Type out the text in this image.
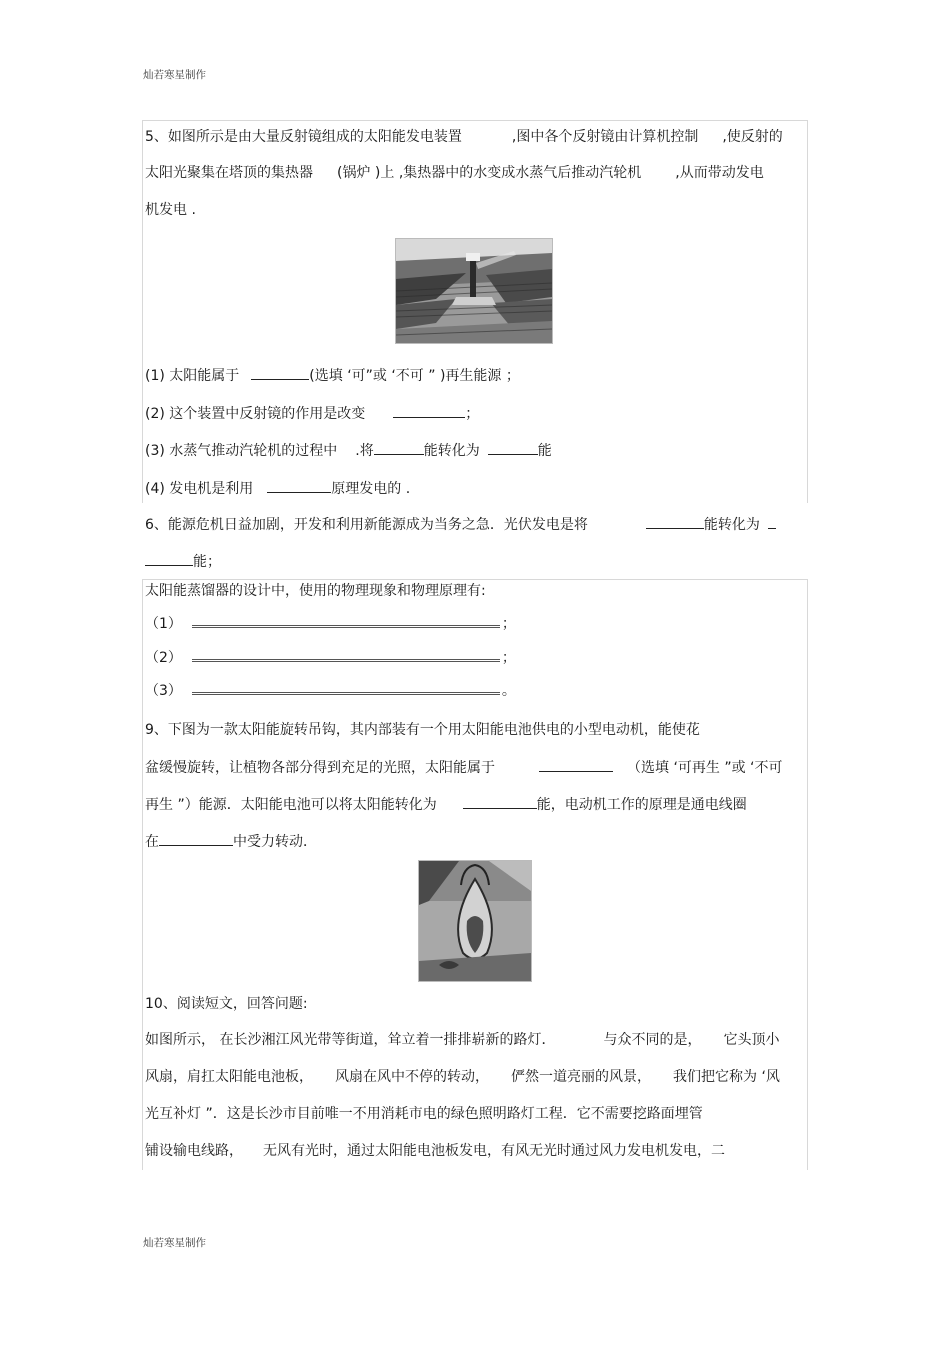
灿若寒星制作
5、如图所示是由大量反射镜组成的太阳能发电装置	,图中各个反射镜由计算机控制 ,使反射的
太阳光聚集在塔顶的集热器 (锅炉 )上 ,集热器中的水变成水蒸气后推动汽轮机 ,从而带动发电
机发电 .
(1) 太阳能属于	(选填 ‘可”或 ‘不可 ” )再生能源 ；
(2) 这个装置中反射镜的作用是改变	；
(3) 水蒸气推动汽轮机的过程中 .将	能转化为	能
(4) 发电机是利用	原理发电的 .
6、能源危机日益加剧，开发和利用新能源成为当务之急．光伏发电是将	能转化为
能；
太阳能蒸馏器的设计中，使用的物理现象和物理原理有:
（1）	；
（2）	；
（3）	。
9、下图为一款太阳能旋转吊钩，其内部装有一个用太阳能电池供电的小型电动机，能使花
盆缓慢旋转，让植物各部分得到充足的光照，太阳能属于	（选填 ‘可再生 ”或 ‘不可
再生 ”）能源．太阳能电池可以将太阳能转化为	能，电动机工作的原理是通电线圈
在	中受力转动．
10、阅读短文，回答问题:
如图所示， 在长沙湘江风光带等街道，耸立着一排排崭新的路灯．	与众不同的是， 它头顶小
风扇，肩扛太阳能电池板， 风扇在风中不停的转动， 俨然一道亮丽的风景， 我们把它称为 ‘风
光互补灯 ”．这是长沙市目前唯一不用消耗市电的绿色照明路灯工程．它不需要挖路面埋管
铺设输电线路， 无风有光时，通过太阳能电池板发电，有风无光时通过风力发电机发电，二
灿若寒星制作
